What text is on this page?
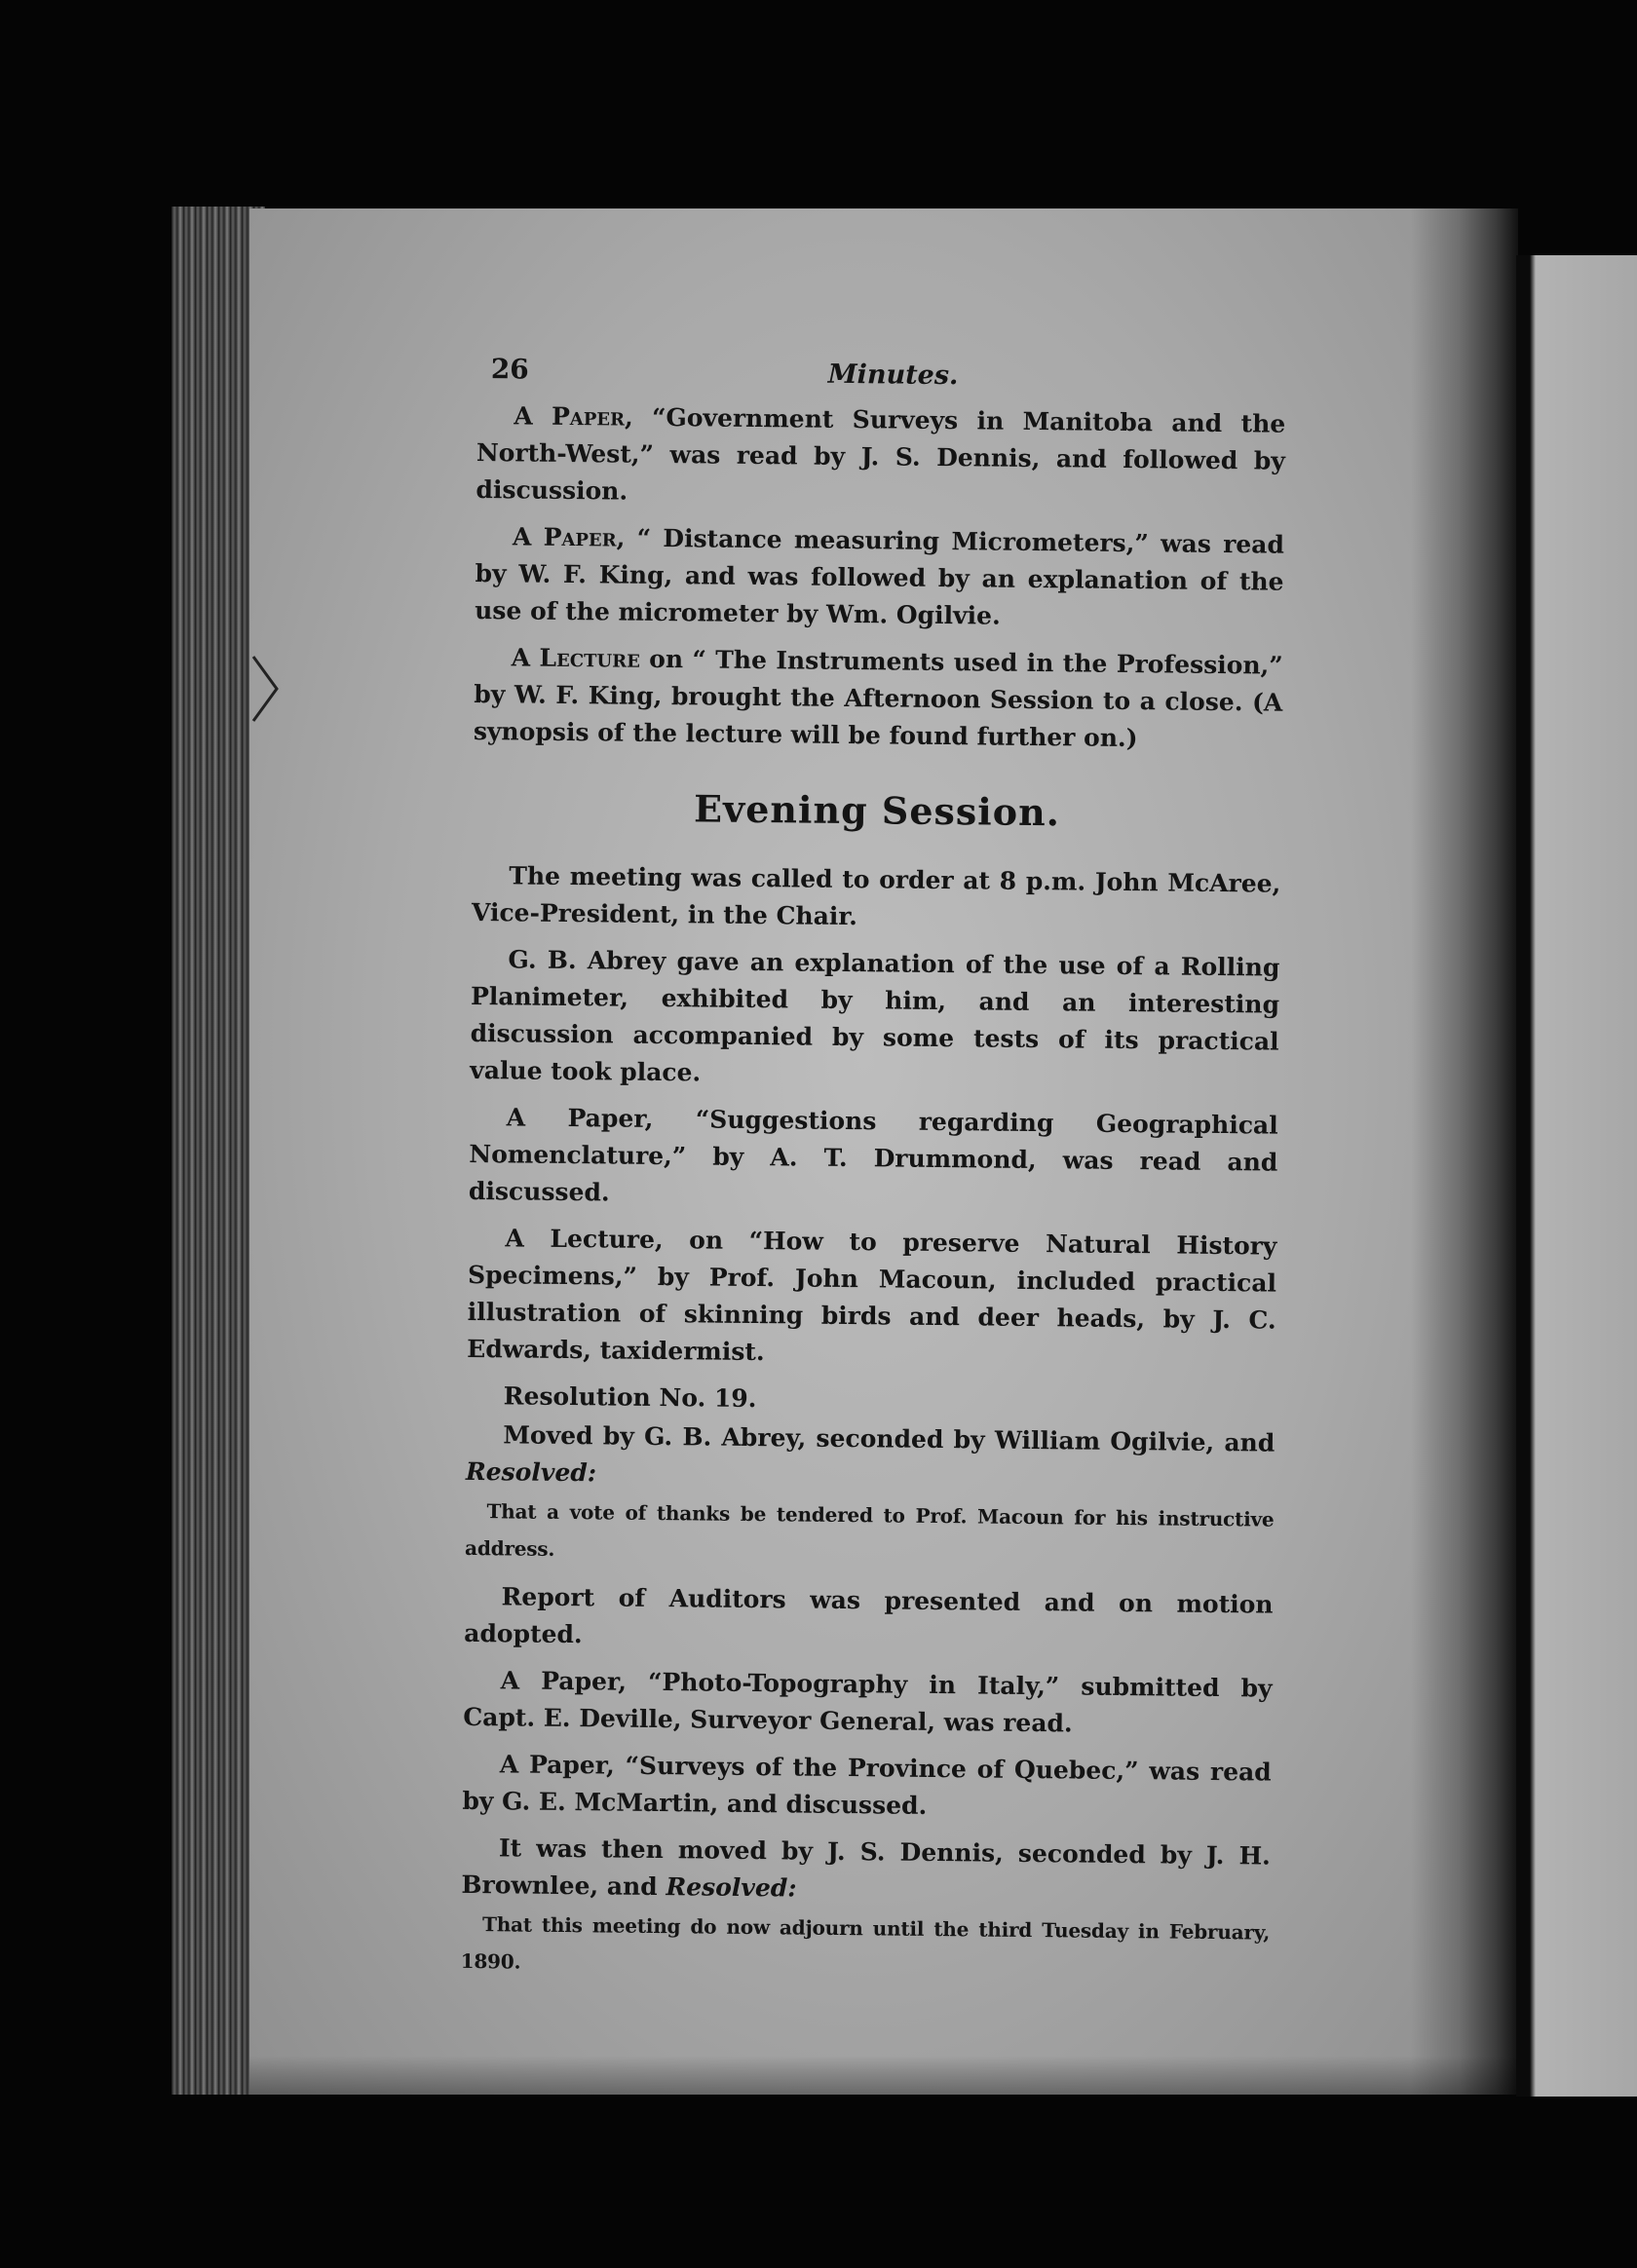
26	Minutes.

A Paper, “Government Surveys in Manitoba and the North-West,” was read by J. S. Dennis, and followed by discussion.

A Paper, “ Distance measuring Micrometers,” was read by W. F. King, and was followed by an explanation of the use of the micrometer by Wm. Ogilvie.

A Lecture on “ The Instruments used in the Profession,” by W. F. King, brought the Afternoon Session to a close. (A synopsis of the lecture will be found further on.)

Evening Session.

The meeting was called to order at 8 p.m. John McAree, Vice-President, in the Chair.

G. B. Abrey gave an explanation of the use of a Rolling Planimeter, exhibited by him, and an interesting discussion accompanied by some tests of its practical value took place.

A Paper, “Suggestions regarding Geographical Nomenclature,” by A. T. Drummond, was read and discussed.

A Lecture, on “How to preserve Natural History Specimens,” by Prof. John Macoun, included practical illustration of skinning birds and deer heads, by J. C. Edwards, taxidermist.

Resolution No. 19.

Moved by G. B. Abrey, seconded by William Ogilvie, and Resolved:

That a vote of thanks be tendered to Prof. Macoun for his instructive address.

Report of Auditors was presented and on motion adopted.

A Paper, “Photo-Topography in Italy,” submitted by Capt. E. Deville, Surveyor General, was read.

A Paper, “Surveys of the Province of Quebec,” was read by G. E. McMartin, and discussed.

It was then moved by J. S. Dennis, seconded by J. H. Brownlee, and Resolved:

That this meeting do now adjourn until the third Tuesday in February, 1890.
